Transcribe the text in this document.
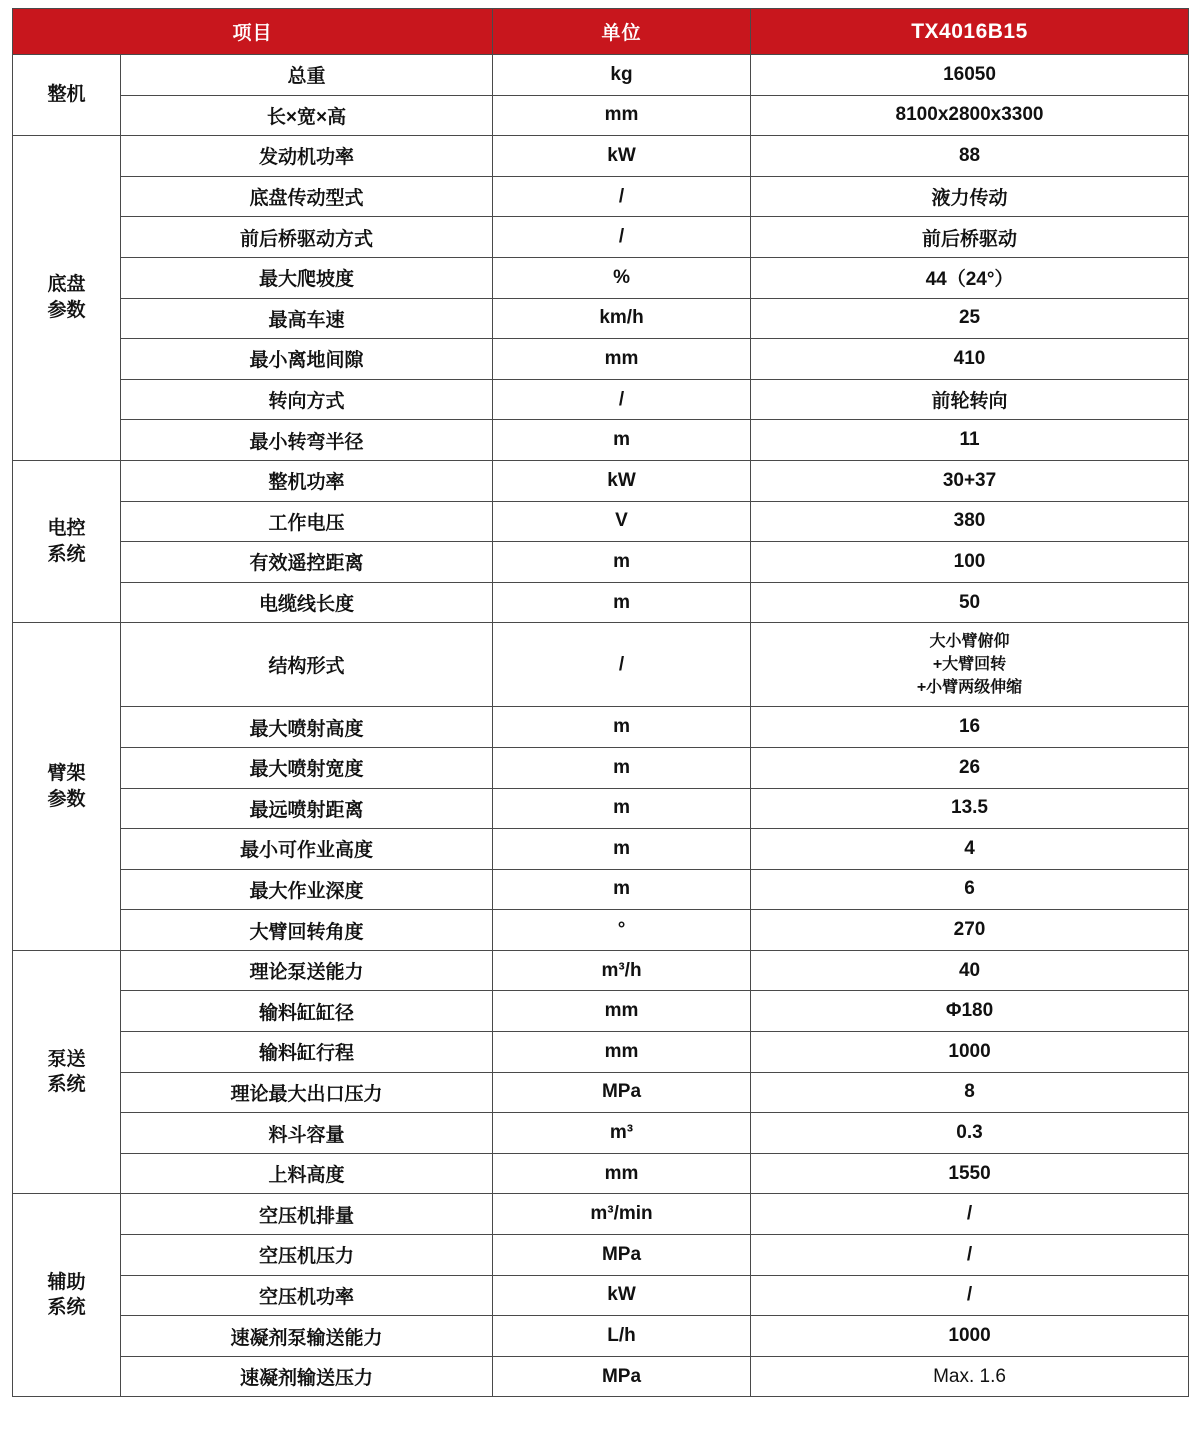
项目		单位	TX4016B15
整机	总重	kg	16050
	长×宽×高	mm	8100x2800x3300
底盘
参数	发动机功率	kW	88
	底盘传动型式	/	液力传动
	前后桥驱动方式	/	前后桥驱动
	最大爬坡度	%	44（24°）
	最高车速	km/h	25
	最小离地间隙	mm	410
	转向方式	/	前轮转向
	最小转弯半径	m	11
电控
系统	整机功率	kW	30+37
	工作电压	V	380
	有效遥控距离	m	100
	电缆线长度	m	50
臂架
参数	结构形式	/	大小臂俯仰
+大臂回转
+小臂两级伸缩
	最大喷射高度	m	16
	最大喷射宽度	m	26
	最远喷射距离	m	13.5
	最小可作业高度	m	4
	最大作业深度	m	6
	大臂回转角度	°	270
泵送
系统	理论泵送能力	m³/h	40
	输料缸缸径	mm	Φ180
	输料缸行程	mm	1000
	理论最大出口压力	MPa	8
	料斗容量	m³	0.3
	上料高度	mm	1550
辅助
系统	空压机排量	m³/min	/
	空压机压力	MPa	/
	空压机功率	kW	/
	速凝剂泵输送能力	L/h	1000
	速凝剂输送压力	MPa	Max. 1.6
